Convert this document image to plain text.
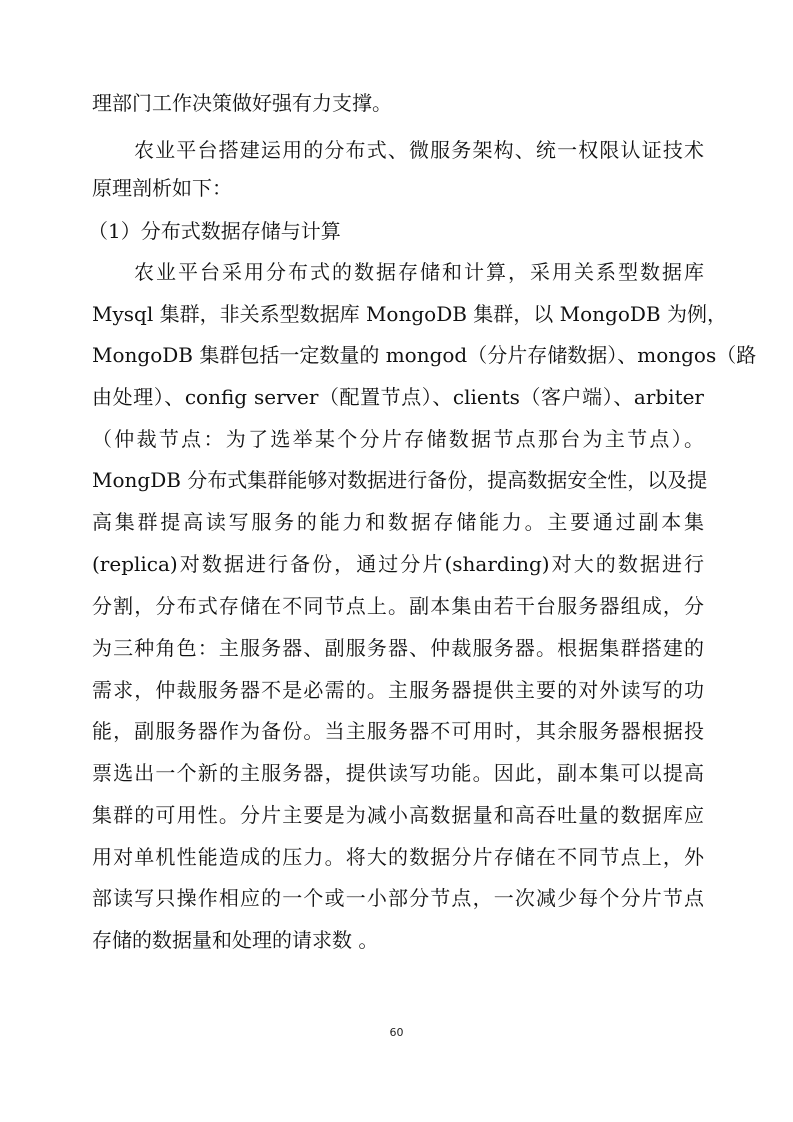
理部门工作决策做好强有力支撑。
农业平台搭建运用的分布式、微服务架构、统一权限认证技术
原理剖析如下：
（1）分布式数据存储与计算
农业平台采用分布式的数据存储和计算，采用关系型数据库
Mysql 集群，非关系型数据库 MongoDB 集群，以 MongoDB 为例，
MongoDB 集群包括一定数量的 mongod（分片存储数据）、mongos（路
由处理）、config server（配置节点）、clients（客户端）、arbiter
（仲裁节点：为了选举某个分片存储数据节点那台为主节点）。
MongDB 分布式集群能够对数据进行备份，提高数据安全性，以及提
高集群提高读写服务的能力和数据存储能力。主要通过副本集
(replica)对数据进行备份，通过分片(sharding)对大的数据进行
分割，分布式存储在不同节点上。副本集由若干台服务器组成，分
为三种角色：主服务器、副服务器、仲裁服务器。根据集群搭建的
需求，仲裁服务器不是必需的。主服务器提供主要的对外读写的功
能，副服务器作为备份。当主服务器不可用时，其余服务器根据投
票选出一个新的主服务器，提供读写功能。因此，副本集可以提高
集群的可用性。分片主要是为减小高数据量和高吞吐量的数据库应
用对单机性能造成的压力。将大的数据分片存储在不同节点上，外
部读写只操作相应的一个或一小部分节点，一次减少每个分片节点
存储的数据量和处理的请求数 。
60
